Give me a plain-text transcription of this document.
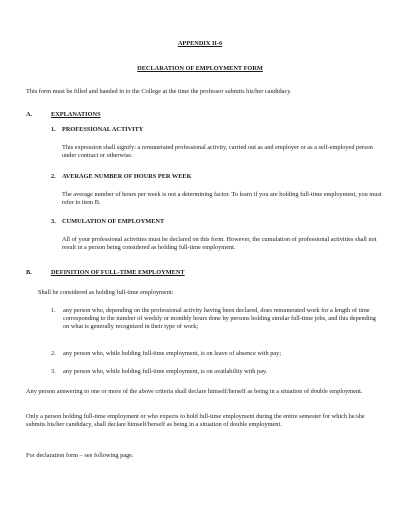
APPENDIX II-6
DECLARATION OF EMPLOYMENT FORM

This form must be filled and handed in to the College at the time the professor submits his/her candidacy.

A.	EXPLANATIONS
1. PROFESSIONAL ACTIVITY

This expression shall signify: a remunerated professional activity, carried out as and employer or as a self-employed person under contract or otherwise.

2. AVERAGE NUMBER OF HOURS PER WEEK

The average number of hours per week is not a determining factor. To learn if you are holding full-time employment, you must refer to item B.

3. CUMULATION OF EMPLOYMENT

All of your professional activities must be declared on this form. However, the cumulation of professional activities shall not result in a person being considered as holding full-time employment.

B.	DEFINITION OF FULL-TIME EMPLOYMENT

Shall be considered as holding full-time employment:

1. any person who, depending on the professional activity having been declared, does remunerated work for a length of time corresponding to the number of weekly or monthly hours done by persons holding similar full-time jobs, and this depending on what is generally recognized in their type of work;

2. any person who, while holding full-time employment, is on leave of absence with pay;

3. any person who, while holding full-time employment, is on availability with pay.

Any person answering to one or more of the above criteria shall declare himself/herself as being in a situation of double employment.

Only a person holding full-time employment or who expects to hold full-time employment during the entire semester for which he/she submits his/her candidacy, shall declare himself/herself as being in a situation of double employment.

For declaration form – see following page.
